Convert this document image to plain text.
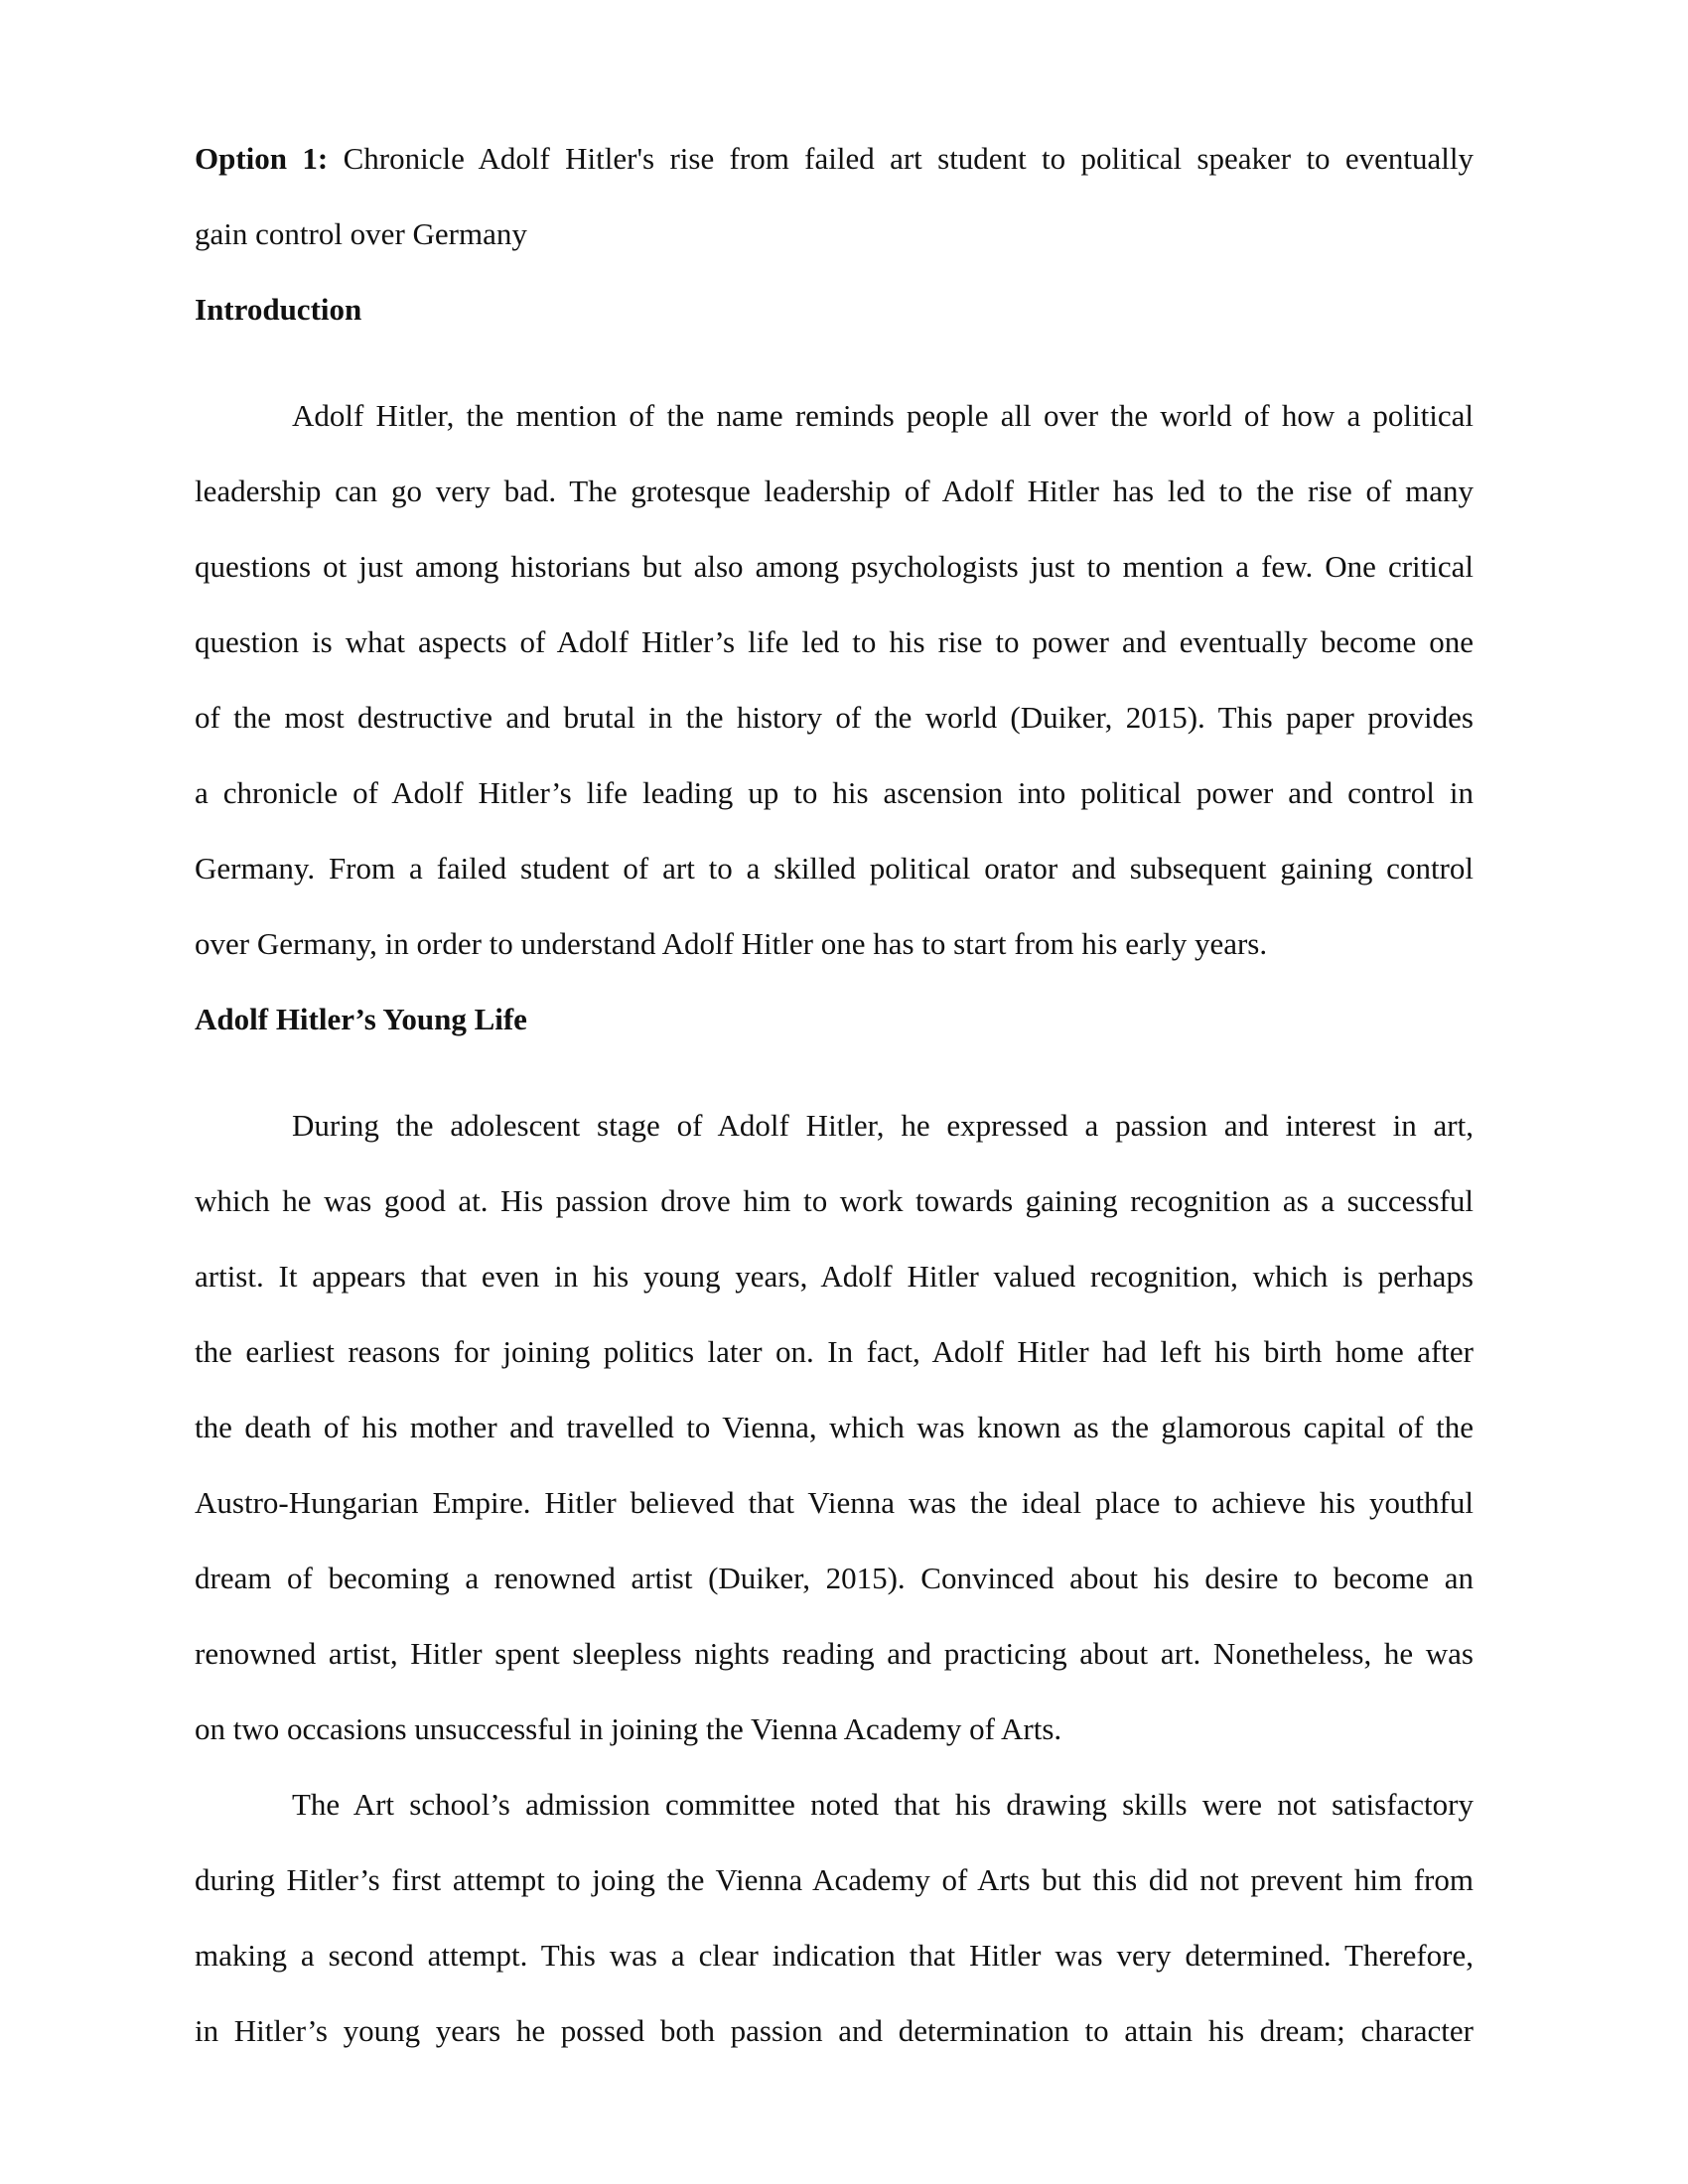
Option 1: Chronicle Adolf Hitler's rise from failed art student to political speaker to eventually
gain control over Germany
Introduction
Adolf Hitler, the mention of the name reminds people all over the world of how a political
leadership can go very bad. The grotesque leadership of Adolf Hitler has led to the rise of many
questions ot just among historians but also among psychologists just to mention a few. One critical
question is what aspects of Adolf Hitler’s life led to his rise to power and eventually become one
of the most destructive and brutal in the history of the world (Duiker, 2015). This paper provides
a chronicle of Adolf Hitler’s life leading up to his ascension into political power and control in
Germany. From a failed student of art to a skilled political orator and subsequent gaining control
over Germany, in order to understand Adolf Hitler one has to start from his early years.
Adolf Hitler’s Young Life
During the adolescent stage of Adolf Hitler, he expressed a passion and interest in art,
which he was good at. His passion drove him to work towards gaining recognition as a successful
artist. It appears that even in his young years, Adolf Hitler valued recognition, which is perhaps
the earliest reasons for joining politics later on. In fact, Adolf Hitler had left his birth home after
the death of his mother and travelled to Vienna, which was known as the glamorous capital of the
Austro-Hungarian Empire. Hitler believed that Vienna was the ideal place to achieve his youthful
dream of becoming a renowned artist (Duiker, 2015). Convinced about his desire to become an
renowned artist, Hitler spent sleepless nights reading and practicing about art. Nonetheless, he was
on two occasions unsuccessful in joining the Vienna Academy of Arts.
The Art school’s admission committee noted that his drawing skills were not satisfactory
during Hitler’s first attempt to joing the Vienna Academy of Arts but this did not prevent him from
making a second attempt. This was a clear indication that Hitler was very determined. Therefore,
in Hitler’s young years he possed both passion and determination to attain his dream; character
